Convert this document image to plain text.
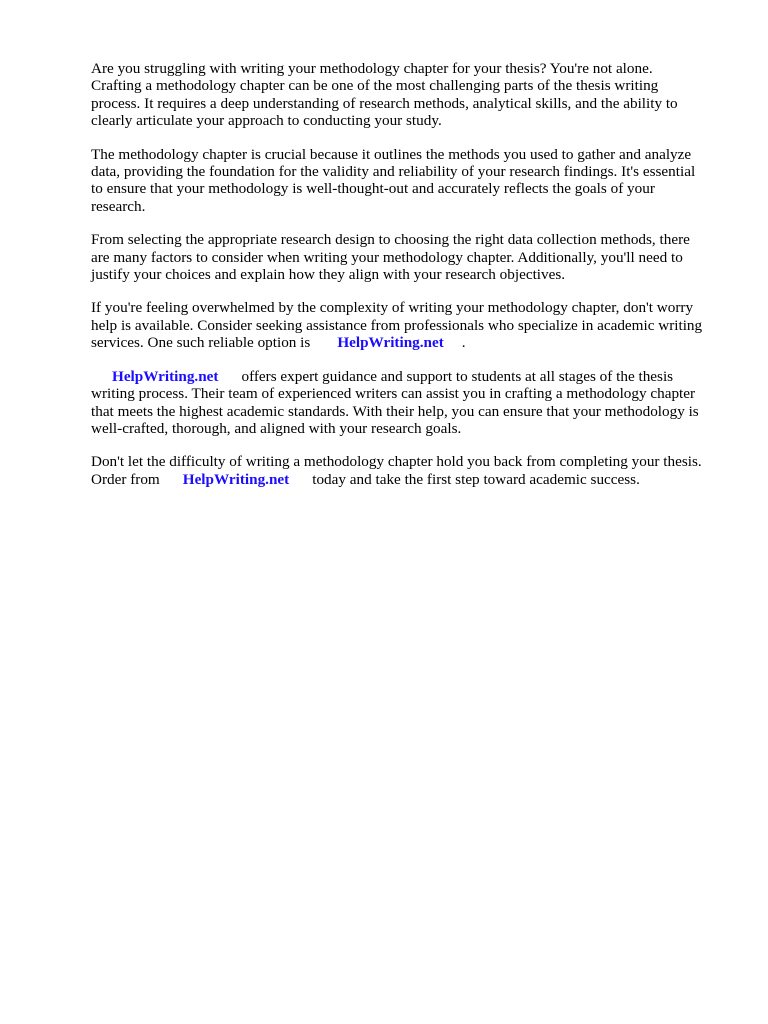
Are you struggling with writing your methodology chapter for your thesis? You're not alone.
Crafting a methodology chapter can be one of the most challenging parts of the thesis writing
process. It requires a deep understanding of research methods, analytical skills, and the ability to
clearly articulate your approach to conducting your study.

The methodology chapter is crucial because it outlines the methods you used to gather and analyze
data, providing the foundation for the validity and reliability of your research findings. It's essential
to ensure that your methodology is well-thought-out and accurately reflects the goals of your
research.

From selecting the appropriate research design to choosing the right data collection methods, there
are many factors to consider when writing your methodology chapter. Additionally, you'll need to
justify your choices and explain how they align with your research objectives.

If you're feeling overwhelmed by the complexity of writing your methodology chapter, don't worry
help is available. Consider seeking assistance from professionals who specialize in academic writing
services. One such reliable option is HelpWriting.net .

HelpWriting.net offers expert guidance and support to students at all stages of the thesis
writing process. Their team of experienced writers can assist you in crafting a methodology chapter
that meets the highest academic standards. With their help, you can ensure that your methodology is
well-crafted, thorough, and aligned with your research goals.

Don't let the difficulty of writing a methodology chapter hold you back from completing your thesis.
Order from HelpWriting.net today and take the first step toward academic success.
